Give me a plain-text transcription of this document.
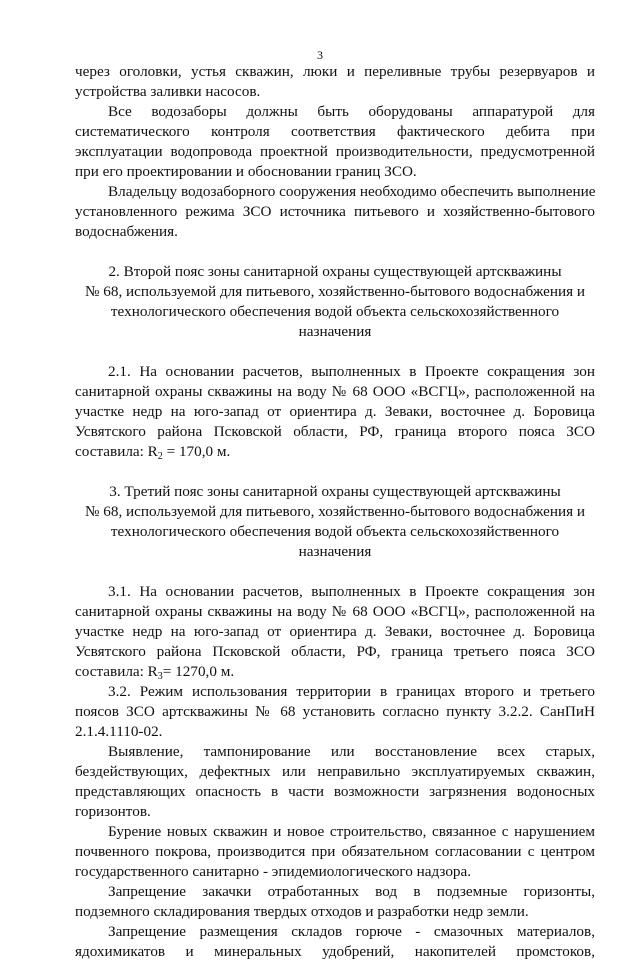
3
через оголовки, устья скважин, люки и переливные трубы резервуаров и
устройства заливки насосов.
Все водозаборы должны быть оборудованы аппаратурой для
систематического контроля соответствия фактического дебита при
эксплуатации водопровода проектной производительности, предусмотренной
при его проектировании и обосновании границ ЗСО.
Владельцу водозаборного сооружения необходимо обеспечить выполнение
установленного режима ЗСО источника питьевого и хозяйственно-бытового
водоснабжения.
2. Второй пояс зоны санитарной охраны существующей артскважины
№ 68, используемой для питьевого, хозяйственно-бытового водоснабжения и
технологического обеспечения водой объекта сельскохозяйственного
назначения
2.1. На основании расчетов, выполненных в Проекте сокращения зон
санитарной охраны скважины на воду № 68 ООО «ВСГЦ», расположенной на
участке недр на юго-запад от ориентира д. Зеваки, восточнее д. Боровица
Усвятского района Псковской области, РФ, граница второго пояса ЗСО
составила: $R_2 = 170,0$ м.
3. Третий пояс зоны санитарной охраны существующей артскважины
№ 68, используемой для питьевого, хозяйственно-бытового водоснабжения и
технологического обеспечения водой объекта сельскохозяйственного
назначения
3.1. На основании расчетов, выполненных в Проекте сокращения зон
санитарной охраны скважины на воду № 68 ООО «ВСГЦ», расположенной на
участке недр на юго-запад от ориентира д. Зеваки, восточнее д. Боровица
Усвятского района Псковской области, РФ, граница третьего пояса ЗСО
составила: $R_3= 1270,0$ м.
3.2. Режим использования территории в границах второго и третьего
поясов ЗСО артскважины № 68 установить согласно пункту 3.2.2. СанПиН
2.1.4.1110-02.
Выявление, тампонирование или восстановление всех старых,
бездействующих, дефектных или неправильно эксплуатируемых скважин,
представляющих опасность в части возможности загрязнения водоносных
горизонтов.
Бурение новых скважин и новое строительство, связанное с нарушением
почвенного покрова, производится при обязательном согласовании с центром
государственного санитарно - эпидемиологического надзора.
Запрещение закачки отработанных вод в подземные горизонты,
подземного складирования твердых отходов и разработки недр земли.
Запрещение размещения складов горюче - смазочных материалов,
ядохимикатов и минеральных удобрений, накопителей промстоков,
